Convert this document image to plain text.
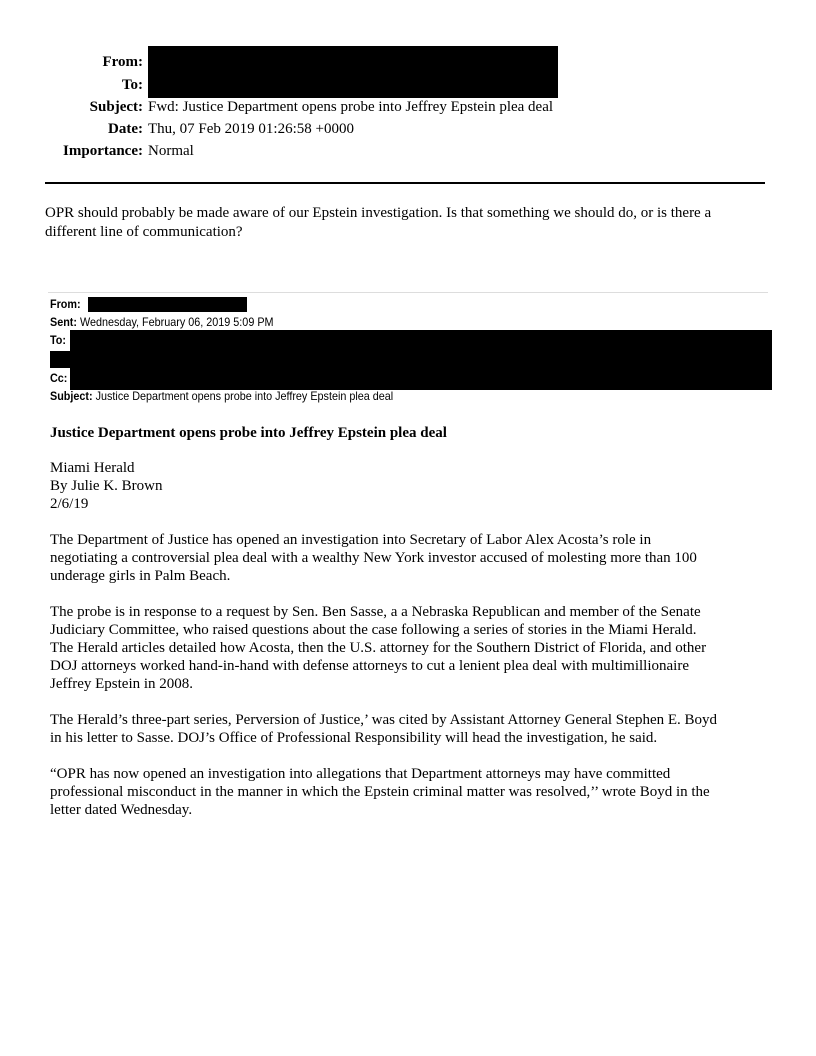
From:
To:
Subject: Fwd: Justice Department opens probe into Jeffrey Epstein plea deal
Date: Thu, 07 Feb 2019 01:26:58 +0000
Importance: Normal
OPR should probably be made aware of our Epstein investigation. Is that something we should do, or is there a
different line of communication?
From:
Sent: Wednesday, February 06, 2019 5:09 PM
To:
Cc:
Subject: Justice Department opens probe into Jeffrey Epstein plea deal
Justice Department opens probe into Jeffrey Epstein plea deal
Miami Herald
By Julie K. Brown
2/6/19
The Department of Justice has opened an investigation into Secretary of Labor Alex Acosta’s role in
negotiating a controversial plea deal with a wealthy New York investor accused of molesting more than 100
underage girls in Palm Beach.
The probe is in response to a request by Sen. Ben Sasse, a a Nebraska Republican and member of the Senate
Judiciary Committee, who raised questions about the case following a series of stories in the Miami Herald.
The Herald articles detailed how Acosta, then the U.S. attorney for the Southern District of Florida, and other
DOJ attorneys worked hand-in-hand with defense attorneys to cut a lenient plea deal with multimillionaire
Jeffrey Epstein in 2008.
The Herald’s three-part series, Perversion of Justice,’ was cited by Assistant Attorney General Stephen E. Boyd
in his letter to Sasse. DOJ’s Office of Professional Responsibility will head the investigation, he said.
“OPR has now opened an investigation into allegations that Department attorneys may have committed
professional misconduct in the manner in which the Epstein criminal matter was resolved,’’ wrote Boyd in the
letter dated Wednesday.
